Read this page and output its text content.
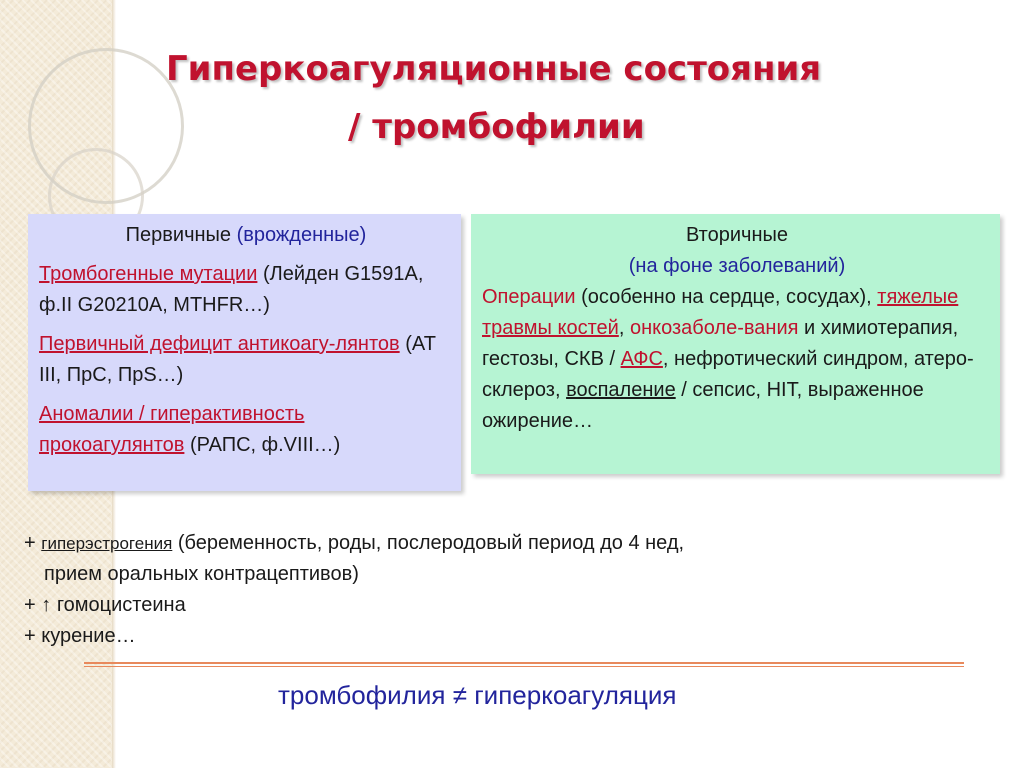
Гиперкоагуляционные состояния
/ тромбофилии
Первичные (врожденные)
Тромбогенные мутации (Лейден G1591A, ф.II G20210A, MTHFR…)
Первичный дефицит антикоагу-лянтов (AT III, ПрС, ПрS…)
Аномалии / гиперактивность прокоагулянтов (РАПС, ф.VIII…)
Вторичные
(на фоне заболеваний)
Операции (особенно на сердце, сосудах), тяжелые травмы костей, онкозаболе-вания и химиотерапия, гестозы, СКВ / АФС, нефротический синдром, атеро-склероз, воспаление / сепсис, HIT, выраженное ожирение…
+ гиперэстрогения (беременность, роды, послеродовый период до 4 нед,
прием оральных контрацептивов)
+ ↑ гомоцистеина
+ курение…
тромбофилия ≠ гиперкоагуляция
